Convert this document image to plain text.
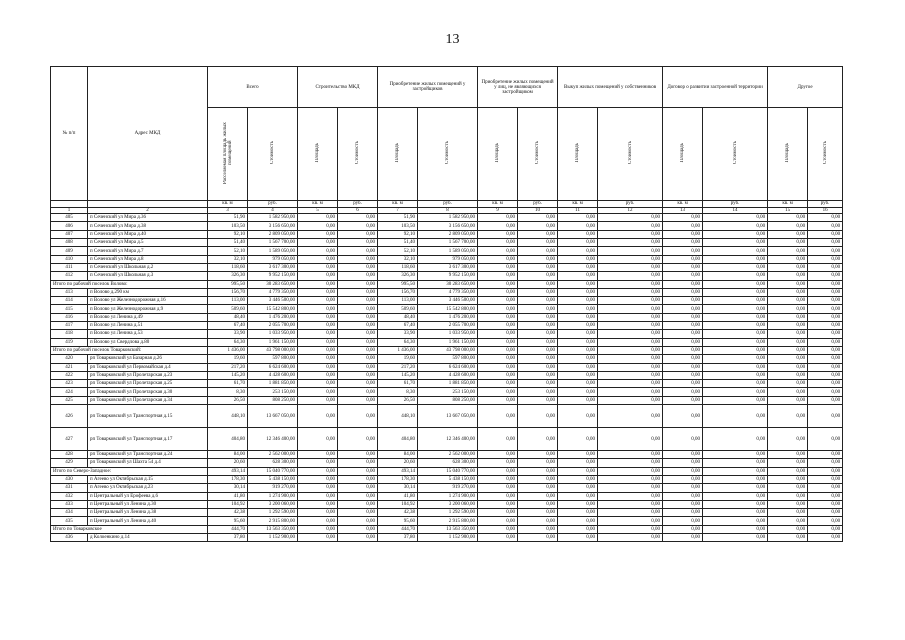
13
№ п/п	Адрес МКД	Всего		Строительство МКД		Приобретение жилых помещений у застройщиков		Приобретение жилых помещений у лиц, не являющихся застройщиком		Выкуп жилых помещений у собственников		Договор о развитии застроенной территории		Другое	
		Расселяемая площадь жилых помещений	Стоимость	Площадь	Стоимость	Площадь	Стоимость	Площадь	Стоимость	Площадь	Стоимость	Площадь	Стоимость	Площадь	Стоимость
		кв. м	руб.	кв. м	руб.	кв. м	руб.	кв. м	руб.	кв. м	руб.	кв. м	руб.	кв. м	руб.
1	2	3	4	5	6	7	8	9	10	11	12	13	14	15	16
405	п Сеченский ул Мира д.36	51,90	1 582 950,00	0,00	0,00	51,90	1 582 950,00	0,00	0,00	0,00	0,00	0,00	0,00	0,00	0,00
406	п Сеченский ул Мира д.38	103,50	3 156 650,00	0,00	0,00	103,50	3 156 650,00	0,00	0,00	0,00	0,00	0,00	0,00	0,00	0,00
407	п Сеченский ул Мира д.40	92,10	2 809 050,00	0,00	0,00	92,10	2 809 050,00	0,00	0,00	0,00	0,00	0,00	0,00	0,00	0,00
408	п Сеченский ул Мира д.5	51,40	1 567 700,00	0,00	0,00	51,40	1 567 700,00	0,00	0,00	0,00	0,00	0,00	0,00	0,00	0,00
409	п Сеченский ул Мира д.7	52,10	1 589 050,00	0,00	0,00	52,10	1 589 050,00	0,00	0,00	0,00	0,00	0,00	0,00	0,00	0,00
410	п Сеченский ул Мира д.8	32,10	979 050,00	0,00	0,00	32,10	979 050,00	0,00	0,00	0,00	0,00	0,00	0,00	0,00	0,00
411	п Сеченский ул Школьная д.2	118,60	3 617 300,00	0,00	0,00	118,60	3 617 300,00	0,00	0,00	0,00	0,00	0,00	0,00	0,00	0,00
412	п Сеченский ул Школьная д.3	326,30	9 952 150,00	0,00	0,00	326,30	9 952 150,00	0,00	0,00	0,00	0,00	0,00	0,00	0,00	0,00
Итого по рабочий поселок Волово:		995,50	30 283 650,00	0,00	0,00	995,50	30 283 650,00	0,00	0,00	0,00	0,00	0,00	0,00	0,00	0,00
413	п Волово д.290 км	156,70	4 779 350,00	0,00	0,00	156,70	4 779 350,00	0,00	0,00	0,00	0,00	0,00	0,00	0,00	0,00
414	п Волово ул Железнодорожная д.16	113,00	3 446 500,00	0,00	0,00	113,00	3 446 500,00	0,00	0,00	0,00	0,00	0,00	0,00	0,00	0,00
415	п Волово ул Железнодорожная д.9	509,60	15 542 800,00	0,00	0,00	509,60	15 542 800,00	0,00	0,00	0,00	0,00	0,00	0,00	0,00	0,00
416	п Волово ул Ленина д.49	48,40	1 476 200,00	0,00	0,00	48,40	1 476 200,00	0,00	0,00	0,00	0,00	0,00	0,00	0,00	0,00
417	п Волово ул Ленина д.51	67,40	2 055 700,00	0,00	0,00	67,40	2 055 700,00	0,00	0,00	0,00	0,00	0,00	0,00	0,00	0,00
418	п Волово ул Ленина д.53	33,90	1 033 950,00	0,00	0,00	33,90	1 033 950,00	0,00	0,00	0,00	0,00	0,00	0,00	0,00	0,00
419	п Волово ул Свердлова д.80	64,30	1 961 150,00	0,00	0,00	64,30	1 961 150,00	0,00	0,00	0,00	0,00	0,00	0,00	0,00	0,00
Итого по рабочий поселок Товарковский:		1 436,00	43 798 000,00	0,00	0,00	1 436,00	43 798 000,00	0,00	0,00	0,00	0,00	0,00	0,00	0,00	0,00
420	рп Товарковский ул Базарная д.26	19,60	597 800,00	0,00	0,00	19,60	597 800,00	0,00	0,00	0,00	0,00	0,00	0,00	0,00	0,00
421	рп Товарковский ул Первомайская д.4	217,20	6 624 600,00	0,00	0,00	217,20	6 624 600,00	0,00	0,00	0,00	0,00	0,00	0,00	0,00	0,00
422	рп Товарковский ул Пролетарская д.23	145,20	4 428 600,00	0,00	0,00	145,20	4 428 600,00	0,00	0,00	0,00	0,00	0,00	0,00	0,00	0,00
423	рп Товарковский ул Пролетарская д.25	61,70	1 881 850,00	0,00	0,00	61,70	1 881 850,00	0,00	0,00	0,00	0,00	0,00	0,00	0,00	0,00
424	рп Товарковский ул Пролетарская д.30	8,30	253 150,00	0,00	0,00	8,30	253 150,00	0,00	0,00	0,00	0,00	0,00	0,00	0,00	0,00
425	рп Товарковский ул Пролетарская д.34	26,50	808 250,00	0,00	0,00	26,50	808 250,00	0,00	0,00	0,00	0,00	0,00	0,00	0,00	0,00
426	рп Товарковский ул Транспортная д.15	448,10	13 667 050,00	0,00	0,00	448,10	13 667 050,00	0,00	0,00	0,00	0,00	0,00	0,00	0,00	0,00
427	рп Товарковский ул Транспортная д.17	404,80	12 346 400,00	0,00	0,00	404,80	12 346 400,00	0,00	0,00	0,00	0,00	0,00	0,00	0,00	0,00
428	рп Товарковский ул Транспортная д.24	84,00	2 562 000,00	0,00	0,00	84,00	2 562 000,00	0,00	0,00	0,00	0,00	0,00	0,00	0,00	0,00
429	рп Товарковский ул Шахта 54 д.4	20,60	628 300,00	0,00	0,00	20,60	628 300,00	0,00	0,00	0,00	0,00	0,00	0,00	0,00	0,00
Итого по Северо-Западное:		493,14	15 040 770,00	0,00	0,00	493,14	15 040 770,00	0,00	0,00	0,00	0,00	0,00	0,00	0,00	0,00
430	п Агеево ул Октябрьская д.15	178,30	5 438 150,00	0,00	0,00	178,30	5 438 150,00	0,00	0,00	0,00	0,00	0,00	0,00	0,00	0,00
431	п Агеево ул Октябрьская д.23	30,14	919 270,00	0,00	0,00	30,14	919 270,00	0,00	0,00	0,00	0,00	0,00	0,00	0,00	0,00
432	п Центральный ул Ерофеева д.6	41,80	1 274 900,00	0,00	0,00	41,80	1 274 900,00	0,00	0,00	0,00	0,00	0,00	0,00	0,00	0,00
433	п Центральный ул Ленина д.30	104,92	3 200 060,00	0,00	0,00	104,92	3 200 060,00	0,00	0,00	0,00	0,00	0,00	0,00	0,00	0,00
434	п Центральный ул Ленина д.38	42,38	1 292 590,00	0,00	0,00	42,38	1 292 590,00	0,00	0,00	0,00	0,00	0,00	0,00	0,00	0,00
435	п Центральный ул Ленина д.40	95,60	2 915 800,00	0,00	0,00	95,60	2 915 800,00	0,00	0,00	0,00	0,00	0,00	0,00	0,00	0,00
Итого по Товарковское		444,70	13 563 350,00	0,00	0,00	444,70	13 563 350,00	0,00	0,00	0,00	0,00	0,00	0,00	0,00	0,00
436	д Колоенкино д.14	37,80	1 152 900,00	0,00	0,00	37,80	1 152 900,00	0,00	0,00	0,00	0,00	0,00	0,00	0,00	0,00
